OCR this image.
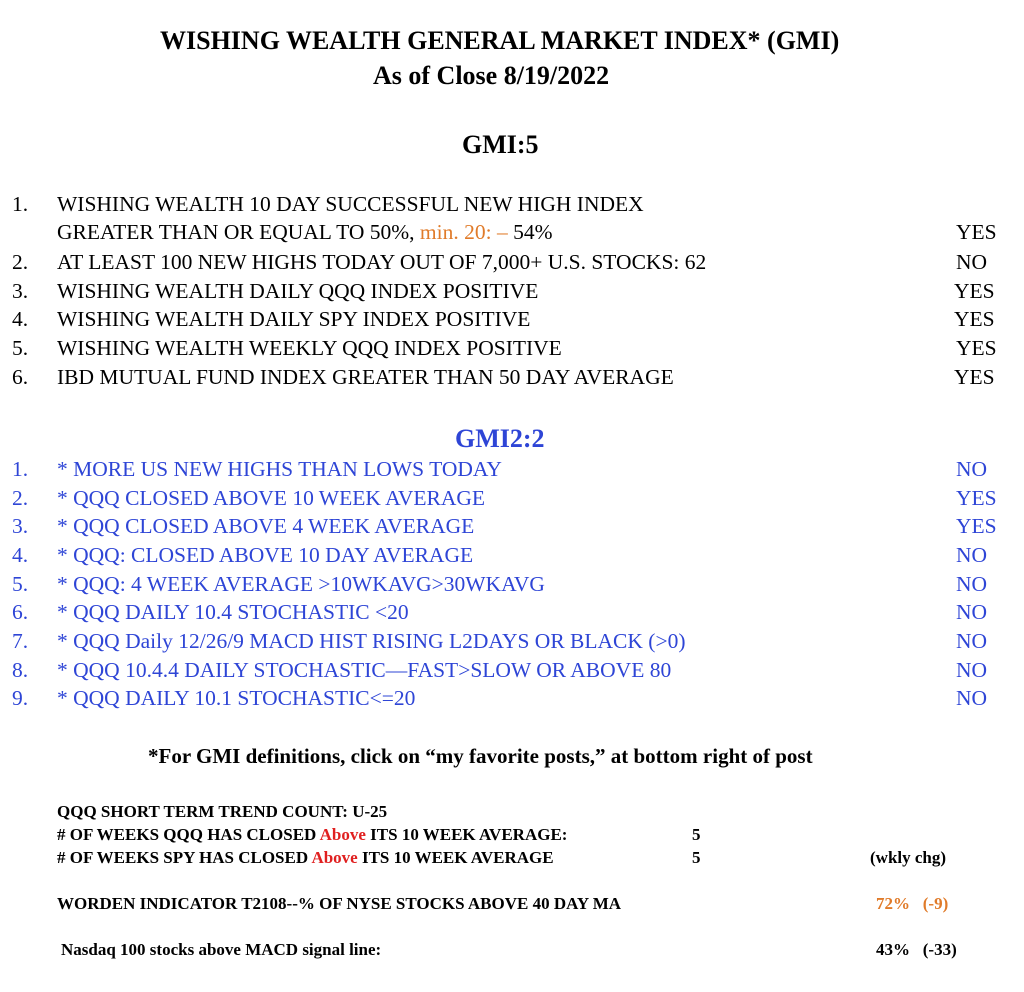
WISHING WEALTH GENERAL MARKET INDEX* (GMI)
As of Close 8/19/2022
GMI:5
1. WISHING WEALTH 10 DAY SUCCESSFUL NEW HIGH INDEX
GREATER THAN OR EQUAL TO 50%, min. 20: – 54%	YES
2. AT LEAST 100 NEW HIGHS TODAY OUT OF 7,000+ U.S. STOCKS: 62	NO
3. WISHING WEALTH DAILY QQQ INDEX POSITIVE	YES
4. WISHING WEALTH DAILY SPY INDEX POSITIVE	YES
5. WISHING WEALTH WEEKLY QQQ INDEX POSITIVE	YES
6. IBD MUTUAL FUND INDEX GREATER THAN 50 DAY AVERAGE	YES
GMI2:2
1. * MORE US NEW HIGHS THAN LOWS TODAY	NO
2. * QQQ CLOSED ABOVE 10 WEEK AVERAGE	YES
3. * QQQ CLOSED ABOVE 4 WEEK AVERAGE	YES
4. * QQQ: CLOSED ABOVE 10 DAY AVERAGE	NO
5. * QQQ: 4 WEEK AVERAGE >10WKAVG>30WKAVG	NO
6. * QQQ DAILY 10.4 STOCHASTIC <20	NO
7. * QQQ Daily 12/26/9 MACD HIST RISING L2DAYS OR BLACK (>0)	NO
8. * QQQ 10.4.4 DAILY STOCHASTIC—FAST>SLOW OR ABOVE 80	NO
9. * QQQ DAILY 10.1 STOCHASTIC<=20	NO
*For GMI definitions, click on “my favorite posts,” at bottom right of post
QQQ SHORT TERM TREND COUNT: U-25
# OF WEEKS QQQ HAS CLOSED Above ITS 10 WEEK AVERAGE:	5
# OF WEEKS SPY HAS CLOSED Above ITS 10 WEEK AVERAGE	5	(wkly chg)
WORDEN INDICATOR T2108--% OF NYSE STOCKS ABOVE 40 DAY MA	72%   (-9)
Nasdaq 100 stocks above MACD signal line:	43%   (-33)
